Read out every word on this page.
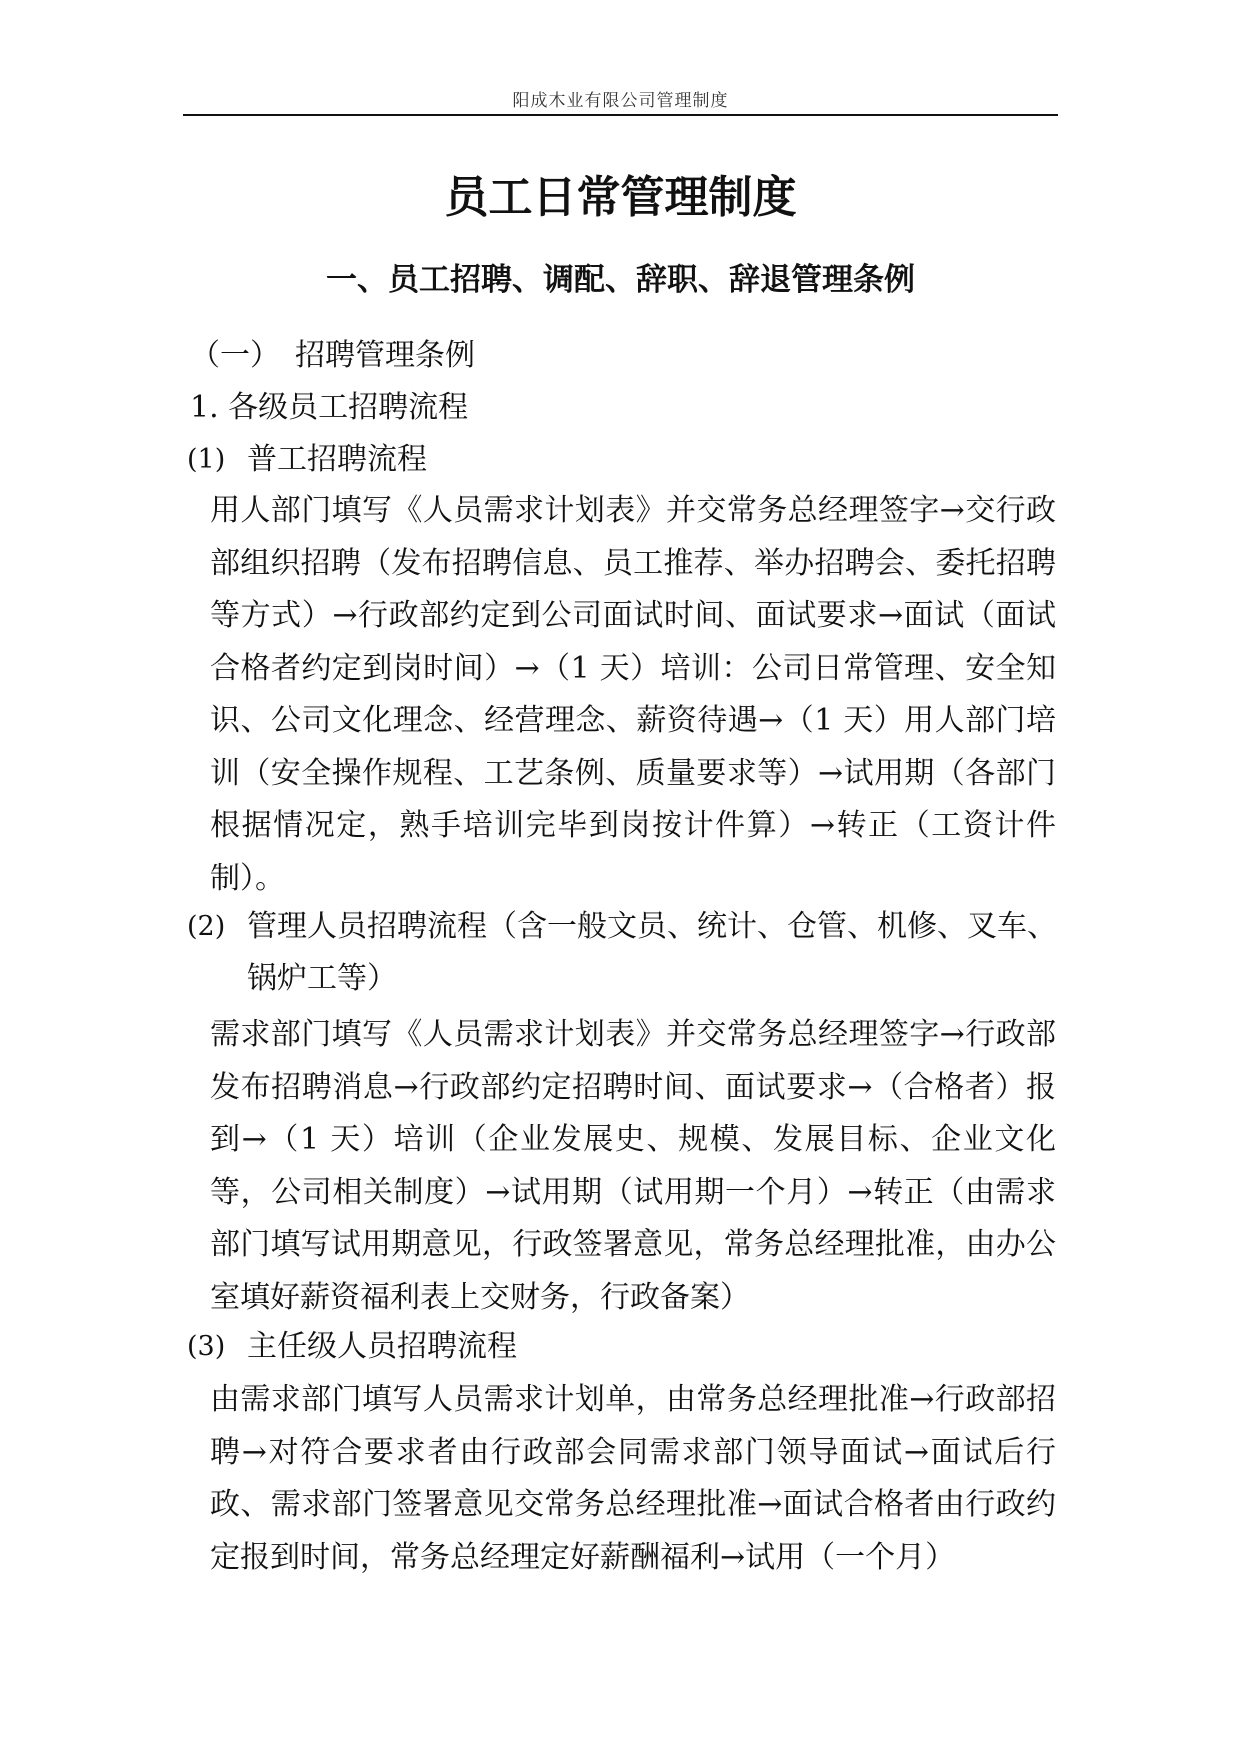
阳成木业有限公司管理制度
员工日常管理制度
一、员工招聘、调配、辞职、辞退管理条例
（一）　招聘管理条例
1. 各级员工招聘流程
(1) 普工招聘流程

用人部门填写《人员需求计划表》并交常务总经理签字→交行政部组织招聘（发布招聘信息、员工推荐、举办招聘会、委托招聘等方式）→行政部约定到公司面试时间、面试要求→面试（面试合格者约定到岗时间）→（1 天）培训：公司日常管理、安全知识、公司文化理念、经营理念、薪资待遇→（1 天）用人部门培训（安全操作规程、工艺条例、质量要求等）→试用期（各部门根据情况定，熟手培训完毕到岗按计件算）→转正（工资计件制）。

(2) 管理人员招聘流程（含一般文员、统计、仓管、机修、叉车、
锅炉工等）

需求部门填写《人员需求计划表》并交常务总经理签字→行政部发布招聘消息→行政部约定招聘时间、面试要求→（合格者）报到→（1 天）培训（企业发展史、规模、发展目标、企业文化等，公司相关制度）→试用期（试用期一个月）→转正（由需求部门填写试用期意见，行政签署意见，常务总经理批准，由办公室填好薪资福利表上交财务，行政备案）

(3) 主任级人员招聘流程

由需求部门填写人员需求计划单，由常务总经理批准→行政部招聘→对符合要求者由行政部会同需求部门领导面试→面试后行政、需求部门签署意见交常务总经理批准→面试合格者由行政约定报到时间，常务总经理定好薪酬福利→试用（一个月）
